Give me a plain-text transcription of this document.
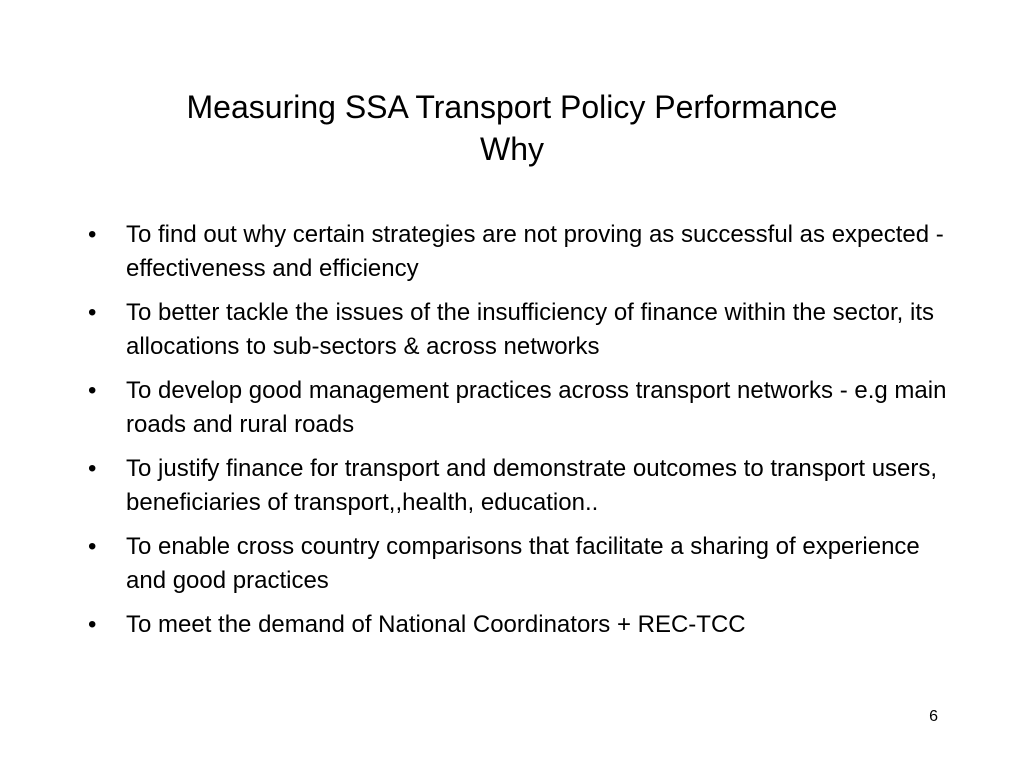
Measuring SSA Transport Policy Performance
Why
•	To find out why certain strategies are not proving as successful as expected - effectiveness and efficiency
•	To better tackle the issues of the insufficiency of finance within the sector, its allocations to sub-sectors & across networks
•	To develop good management practices across transport networks - e.g main roads and rural roads
•	To justify finance for transport and demonstrate outcomes to transport users, beneficiaries of transport,,health, education..
•	To enable cross country comparisons that facilitate a sharing of experience and good practices
•	To meet the demand of National Coordinators + REC-TCC
6
